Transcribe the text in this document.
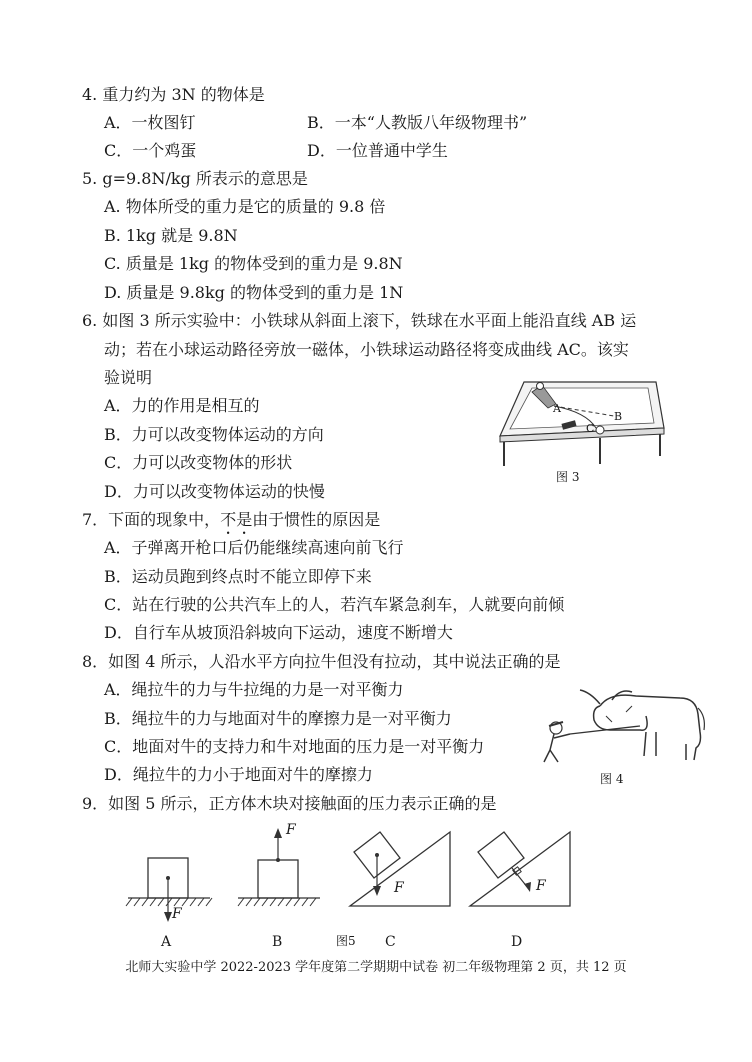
4. 重力约为 3N 的物体是
A．一枚图钉	B．一本“人教版八年级物理书”
C．一个鸡蛋	D．一位普通中学生
5. g=9.8N/kg 所表示的意思是
A. 物体所受的重力是它的质量的 9.8 倍
B. 1kg 就是 9.8N
C. 质量是 1kg 的物体受到的重力是 9.8N
D. 质量是 9.8kg 的物体受到的重力是 1N
6. 如图 3 所示实验中：小铁球从斜面上滚下，铁球在水平面上能沿直线 AB 运
动；若在小球运动路径旁放一磁体，小铁球运动路径将变成曲线 AC。该实
验说明
A．力的作用是相互的
B．力可以改变物体运动的方向
C．力可以改变物体的形状
D．力可以改变物体运动的快慢
A
B
C
图 3
7．下面的现象中，不是由于惯性的原因是
A．子弹离开枪口后仍能继续高速向前飞行
B．运动员跑到终点时不能立即停下来
C．站在行驶的公共汽车上的人，若汽车紧急刹车，人就要向前倾
D．自行车从坡顶沿斜坡向下运动，速度不断增大
8．如图 4 所示，人沿水平方向拉牛但没有拉动，其中说法正确的是
A．绳拉牛的力与牛拉绳的力是一对平衡力
B．绳拉牛的力与地面对牛的摩擦力是一对平衡力
C．地面对牛的支持力和牛对地面的压力是一对平衡力
D．绳拉牛的力小于地面对牛的摩擦力	图 4
9．如图 5 所示，正方体木块对接触面的压力表示正确的是
F
A
F
B	图5
F
C
F
D
北师大实验中学 2022-2023 学年度第二学期期中试卷 初二年级物理第 2 页，共 12 页
